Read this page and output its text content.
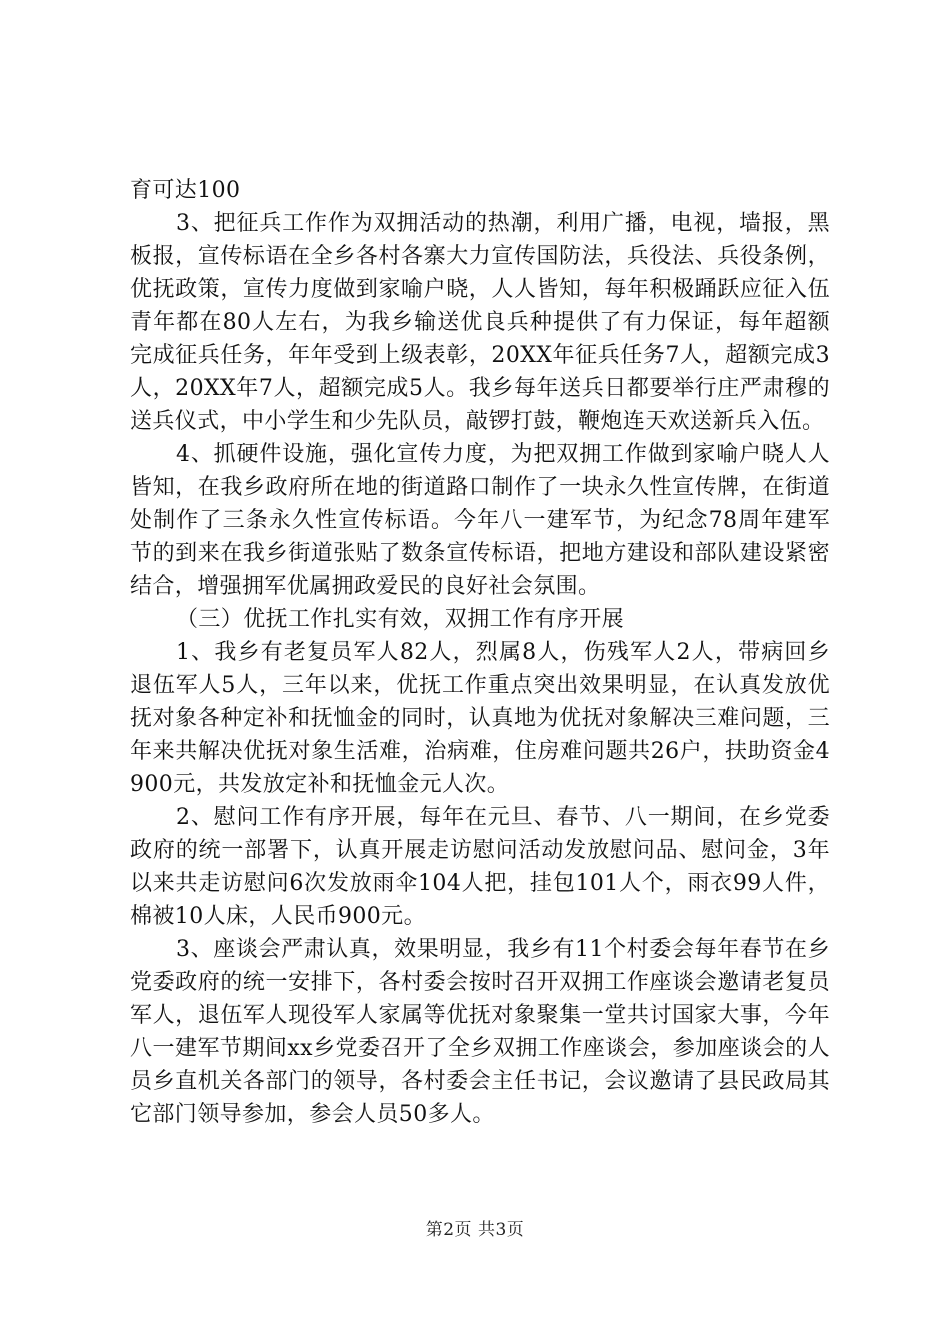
育可达100

3、把征兵工作作为双拥活动的热潮，利用广播，电视，墙报，黑板报，宣传标语在全乡各村各寨大力宣传国防法，兵役法、兵役条例，优抚政策，宣传力度做到家喻户晓，人人皆知，每年积极踊跃应征入伍青年都在80人左右，为我乡输送优良兵种提供了有力保证，每年超额完成征兵任务，年年受到上级表彰，20XX年征兵任务7人，超额完成3人，20XX年7人，超额完成5人。我乡每年送兵日都要举行庄严肃穆的送兵仪式，中小学生和少先队员，敲锣打鼓，鞭炮连天欢送新兵入伍。

4、抓硬件设施，强化宣传力度，为把双拥工作做到家喻户晓人人皆知，在我乡政府所在地的街道路口制作了一块永久性宣传牌，在街道处制作了三条永久性宣传标语。今年八一建军节，为纪念78周年建军节的到来在我乡街道张贴了数条宣传标语，把地方建设和部队建设紧密结合，增强拥军优属拥政爱民的良好社会氛围。

（三）优抚工作扎实有效，双拥工作有序开展

1、我乡有老复员军人82人，烈属8人，伤残军人2人，带病回乡退伍军人5人，三年以来，优抚工作重点突出效果明显，在认真发放优抚对象各种定补和抚恤金的同时，认真地为优抚对象解决三难问题，三年来共解决优抚对象生活难，治病难，住房难问题共26户，扶助资金4900元，共发放定补和抚恤金元人次。

2、慰问工作有序开展，每年在元旦、春节、八一期间，在乡党委政府的统一部署下，认真开展走访慰问活动发放慰问品、慰问金，3年以来共走访慰问6次发放雨伞104人把，挂包101人个，雨衣99人件，棉被10人床，人民币900元。

3、座谈会严肃认真，效果明显，我乡有11个村委会每年春节在乡党委政府的统一安排下，各村委会按时召开双拥工作座谈会邀请老复员军人，退伍军人现役军人家属等优抚对象聚集一堂共讨国家大事，今年八一建军节期间xx乡党委召开了全乡双拥工作座谈会，参加座谈会的人员乡直机关各部门的领导，各村委会主任书记，会议邀请了县民政局其它部门领导参加，参会人员50多人。

第2页 共3页
